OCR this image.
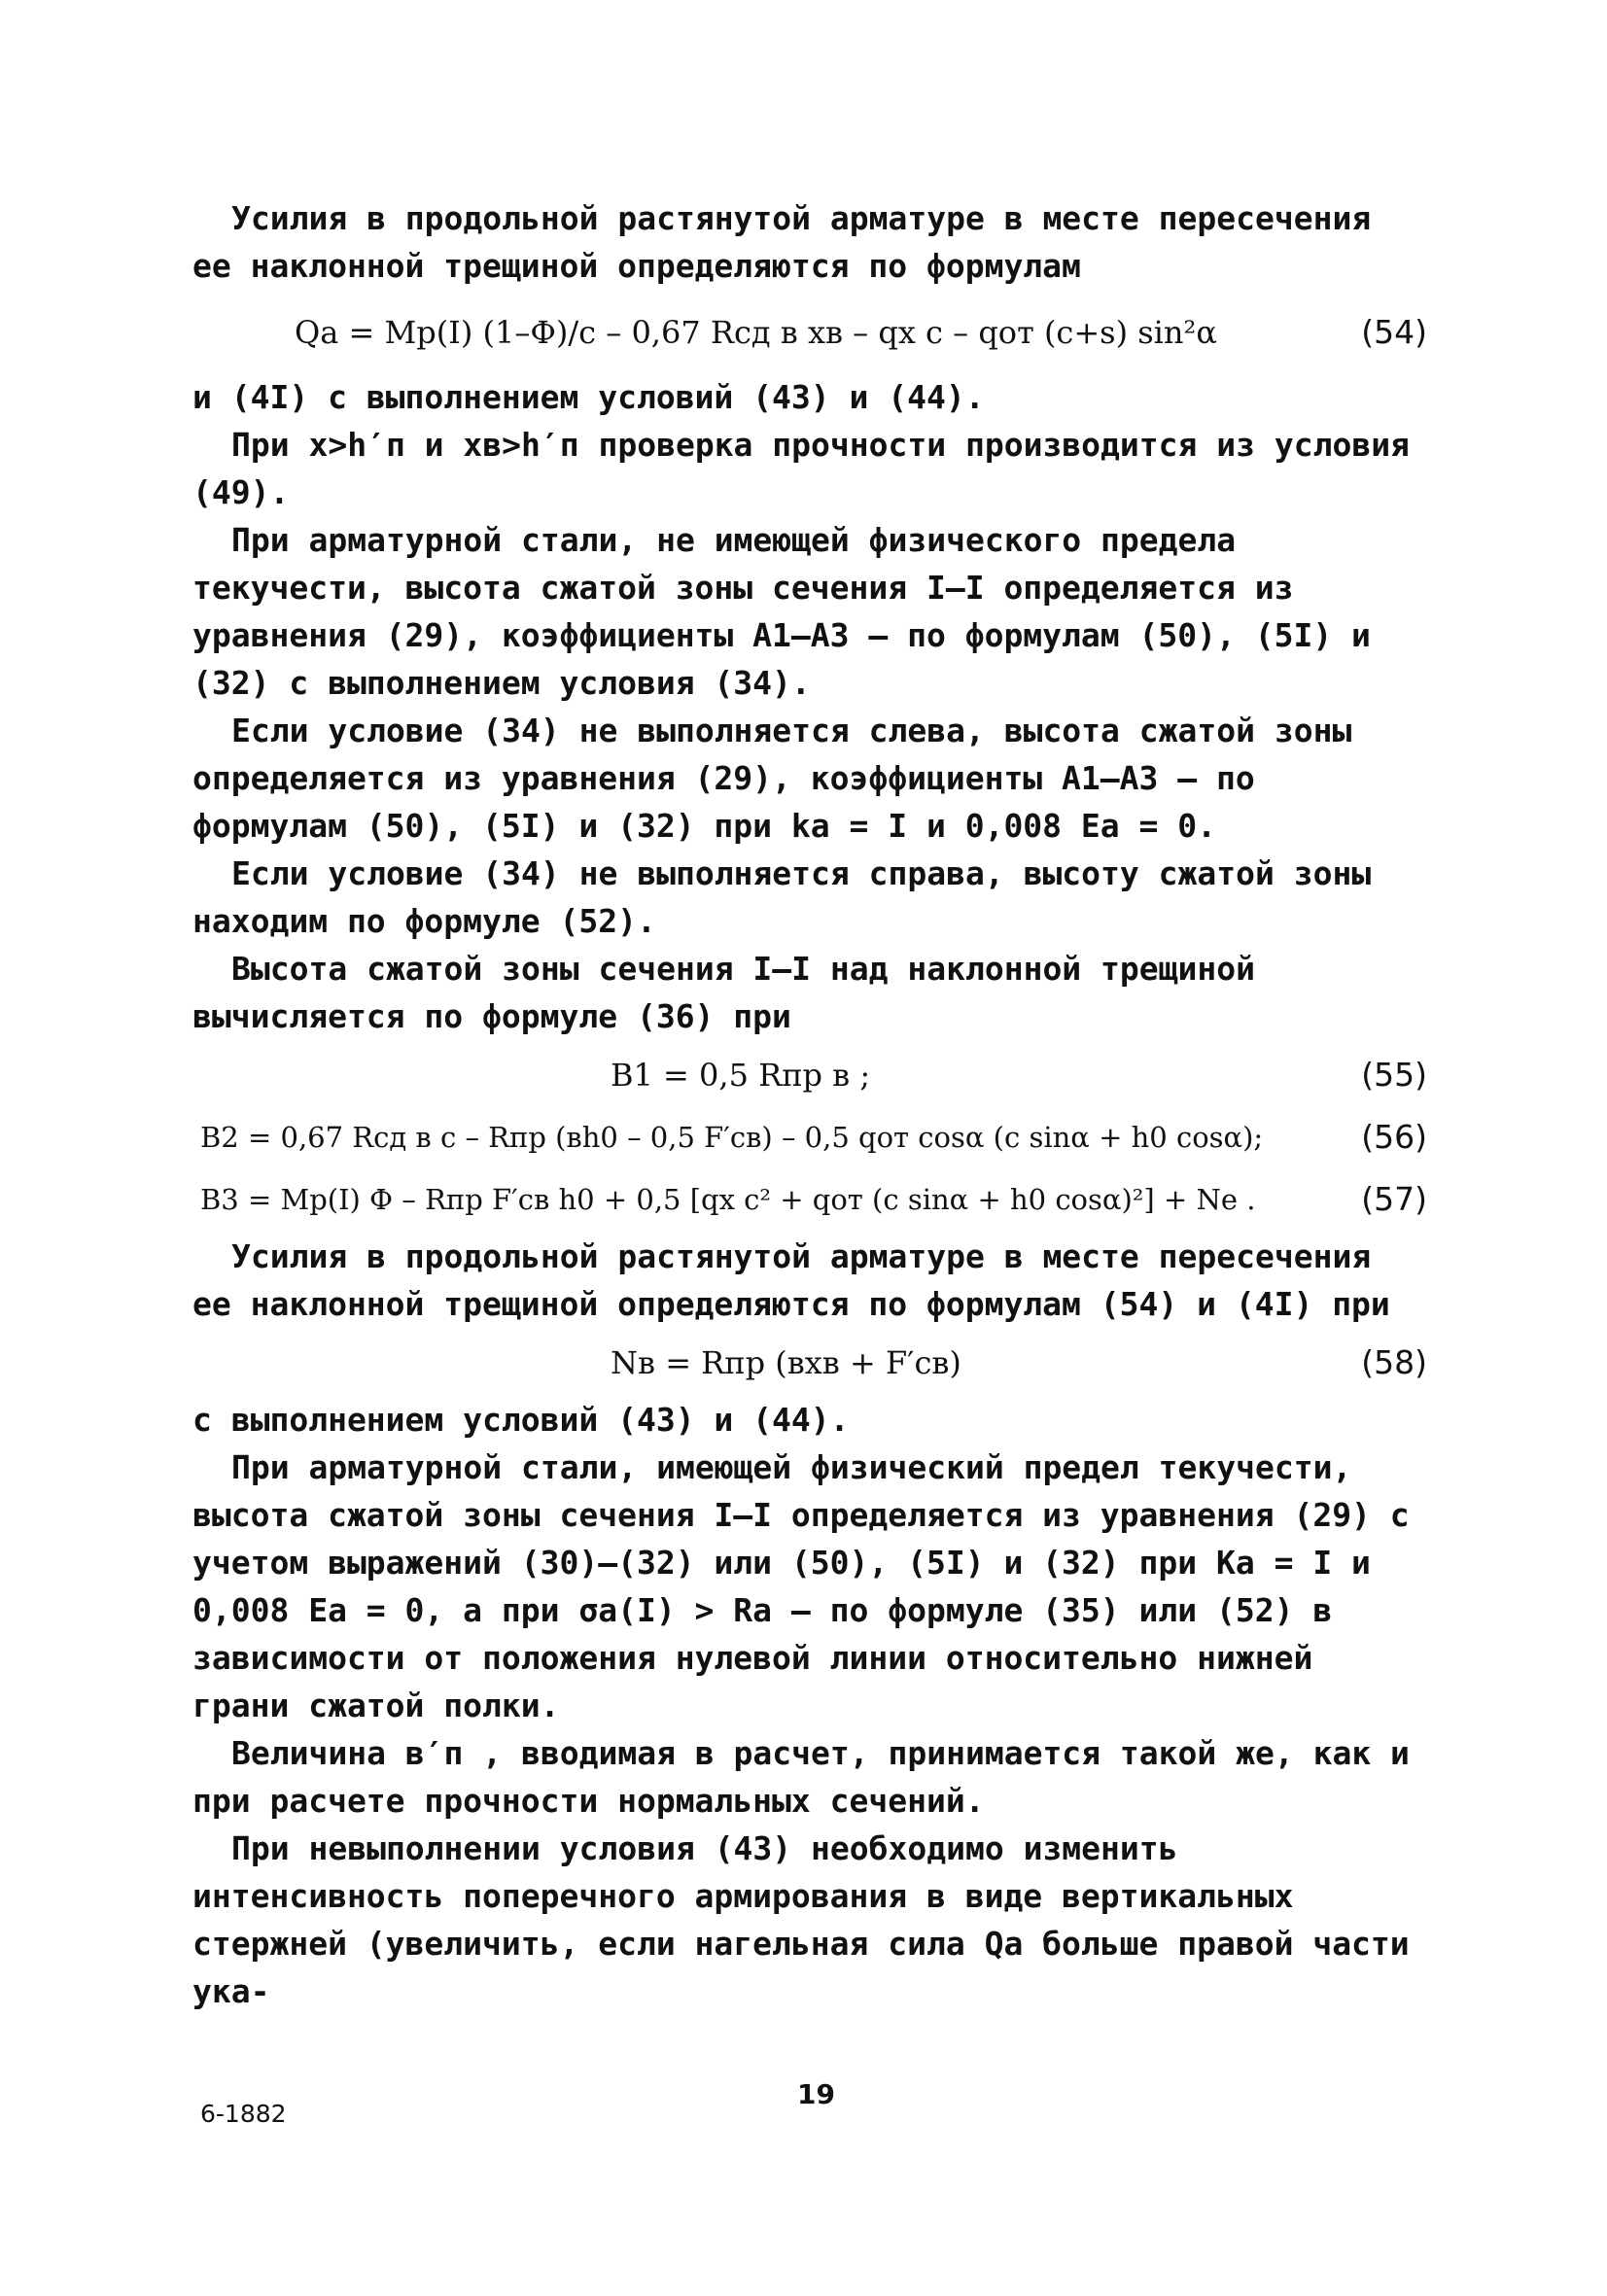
Усилия в продольной растянутой арматуре в месте пересечения ее наклонной трещиной определяются по формулам

Qа = Mр(I) (1–Ф)/c – 0,67 Rсд в xв – qx c – qот (c+s) sin²α	(54)

и (4I) с выполнением условий (43) и (44).

При x>h′п и xв>h′п проверка прочности производится из условия (49).

При арматурной стали, не имеющей физического предела текучести, высота сжатой зоны сечения I–I определяется из уравнения (29), коэффициенты A1–A3 – по формулам (50), (5I) и (32) с выполнением условия (34).

Если условие (34) не выполняется слева, высота сжатой зоны определяется из уравнения (29), коэффициенты A1–A3 – по формулам (50), (5I) и (32) при kа = I и 0,008 Eа = 0.

Если условие (34) не выполняется справа, высоту сжатой зоны находим по формуле (52).

Высота сжатой зоны сечения I–I над наклонной трещиной вычисляется по формуле (36) при

B1 = 0,5 Rпр в ;	(55)
B2 = 0,67 Rсд в c – Rпр (вh0 – 0,5 F′св) – 0,5 qот cosα (c sinα + h0 cosα);	(56)
B3 = Mр(I) Ф – Rпр F′св h0 + 0,5 [qx c² + qот (c sinα + h0 cosα)²] + Ne .	(57)

Усилия в продольной растянутой арматуре в месте пересечения ее наклонной трещиной определяются по формулам (54) и (4I) при

Nв = Rпр (вxв + F′св)	(58)

с выполнением условий (43) и (44).

При арматурной стали, имеющей физический предел текучести, высота сжатой зоны сечения I–I определяется из уравнения (29) с учетом выражений (30)–(32) или (50), (5I) и (32) при Kа = I и 0,008 Eа = 0, а при σа(I) > Rа – по формуле (35) или (52) в зависимости от положения нулевой линии относительно нижней грани сжатой полки.

Величина в′п , вводимая в расчет, принимается такой же, как и при расчете прочности нормальных сечений.

При невыполнении условия (43) необходимо изменить интенсивность поперечного армирования в виде вертикальных стержней (увеличить, если нагельная сила Qа больше правой части ука-

6-1882
19
